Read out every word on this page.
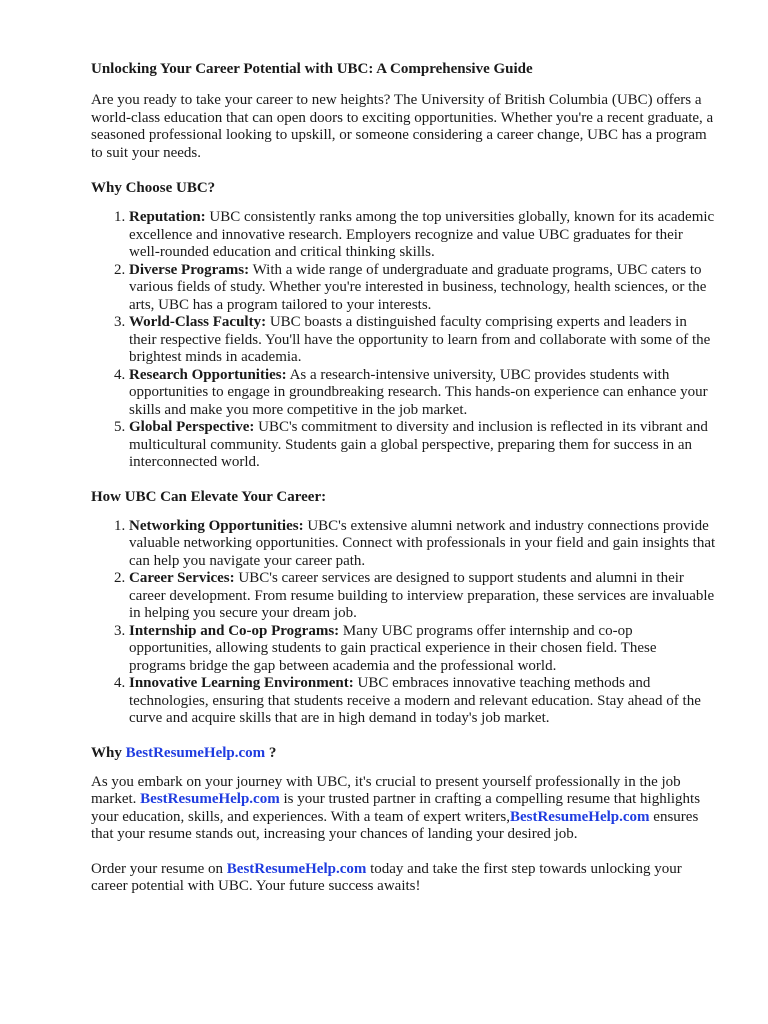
Unlocking Your Career Potential with UBC: A Comprehensive Guide

Are you ready to take your career to new heights? The University of British Columbia (UBC) offers a world-class education that can open doors to exciting opportunities. Whether you're a recent graduate, a seasoned professional looking to upskill, or someone considering a career change, UBC has a program to suit your needs.

Why Choose UBC?
1. Reputation: UBC consistently ranks among the top universities globally, known for its academic excellence and innovative research. Employers recognize and value UBC graduates for their well-rounded education and critical thinking skills.
2. Diverse Programs: With a wide range of undergraduate and graduate programs, UBC caters to various fields of study. Whether you're interested in business, technology, health sciences, or the arts, UBC has a program tailored to your interests.
3. World-Class Faculty: UBC boasts a distinguished faculty comprising experts and leaders in their respective fields. You'll have the opportunity to learn from and collaborate with some of the brightest minds in academia.
4. Research Opportunities: As a research-intensive university, UBC provides students with opportunities to engage in groundbreaking research. This hands-on experience can enhance your skills and make you more competitive in the job market.
5. Global Perspective: UBC's commitment to diversity and inclusion is reflected in its vibrant and multicultural community. Students gain a global perspective, preparing them for success in an interconnected world.
How UBC Can Elevate Your Career:
1. Networking Opportunities: UBC's extensive alumni network and industry connections provide valuable networking opportunities. Connect with professionals in your field and gain insights that can help you navigate your career path.
2. Career Services: UBC's career services are designed to support students and alumni in their career development. From resume building to interview preparation, these services are invaluable in helping you secure your dream job.
3. Internship and Co-op Programs: Many UBC programs offer internship and co-op opportunities, allowing students to gain practical experience in their chosen field. These programs bridge the gap between academia and the professional world.
4. Innovative Learning Environment: UBC embraces innovative teaching methods and technologies, ensuring that students receive a modern and relevant education. Stay ahead of the curve and acquire skills that are in high demand in today's job market.
Why BestResumeHelp.com ?

As you embark on your journey with UBC, it's crucial to present yourself professionally in the job market. BestResumeHelp.com is your trusted partner in crafting a compelling resume that highlights your education, skills, and experiences. With a team of expert writers,BestResumeHelp.com ensures that your resume stands out, increasing your chances of landing your desired job.

Order your resume on BestResumeHelp.com today and take the first step towards unlocking your career potential with UBC. Your future success awaits!
